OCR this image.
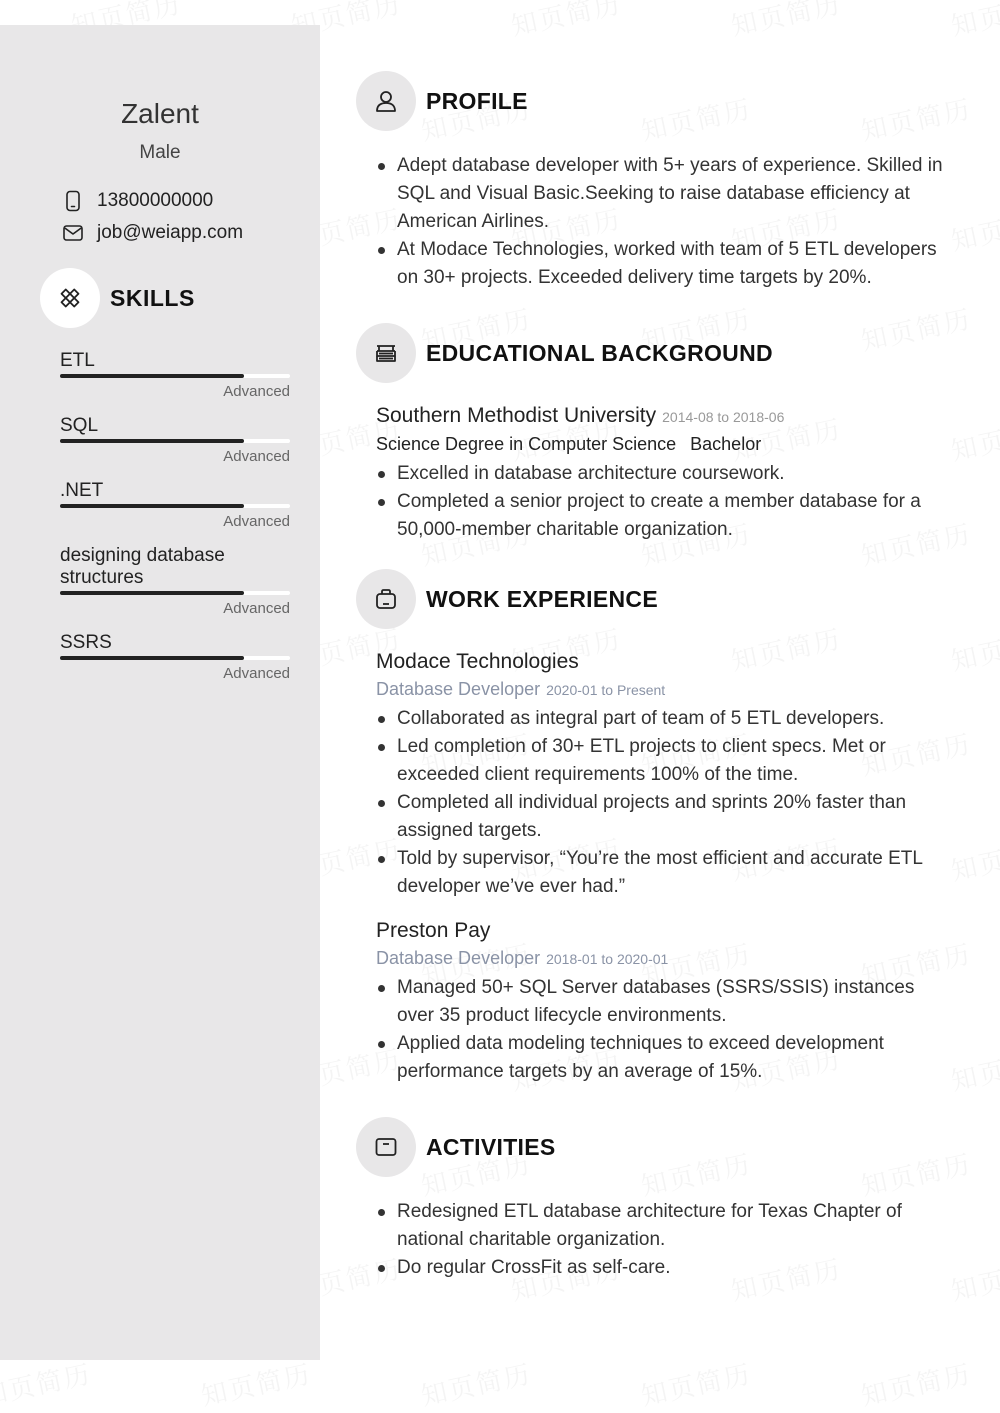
Zalent
Male
13800000000
job@weiapp.com
SKILLS
ETL
Advanced
SQL
Advanced
.NET
Advanced
designing database structures
Advanced
SSRS
Advanced
PROFILE
Adept database developer with 5+ years of experience. Skilled in SQL and Visual Basic.Seeking to raise database efficiency at American Airlines.
At Modace Technologies, worked with team of 5 ETL developers on 30+ projects. Exceeded delivery time targets by 20%.
EDUCATIONAL BACKGROUND
Southern Methodist University 2014-08 to 2018-06
Science Degree in Computer Science Bachelor
Excelled in database architecture coursework.
Completed a senior project to create a member database for a 50,000-member charitable organization.
WORK EXPERIENCE
Modace Technologies
Database Developer 2020-01 to Present
Collaborated as integral part of team of 5 ETL developers.
Led completion of 30+ ETL projects to client specs. Met or exceeded client requirements 100% of the time.
Completed all individual projects and sprints 20% faster than assigned targets.
Told by supervisor, “You’re the most efficient and accurate ETL developer we’ve ever had.”
Preston Pay
Database Developer 2018-01 to 2020-01
Managed 50+ SQL Server databases (SSRS/SSIS) instances over 35 product lifecycle environments.
Applied data modeling techniques to exceed development performance targets by an average of 15%.
ACTIVITIES
Redesigned ETL database architecture for Texas Chapter of national charitable organization.
Do regular CrossFit as self-care.
